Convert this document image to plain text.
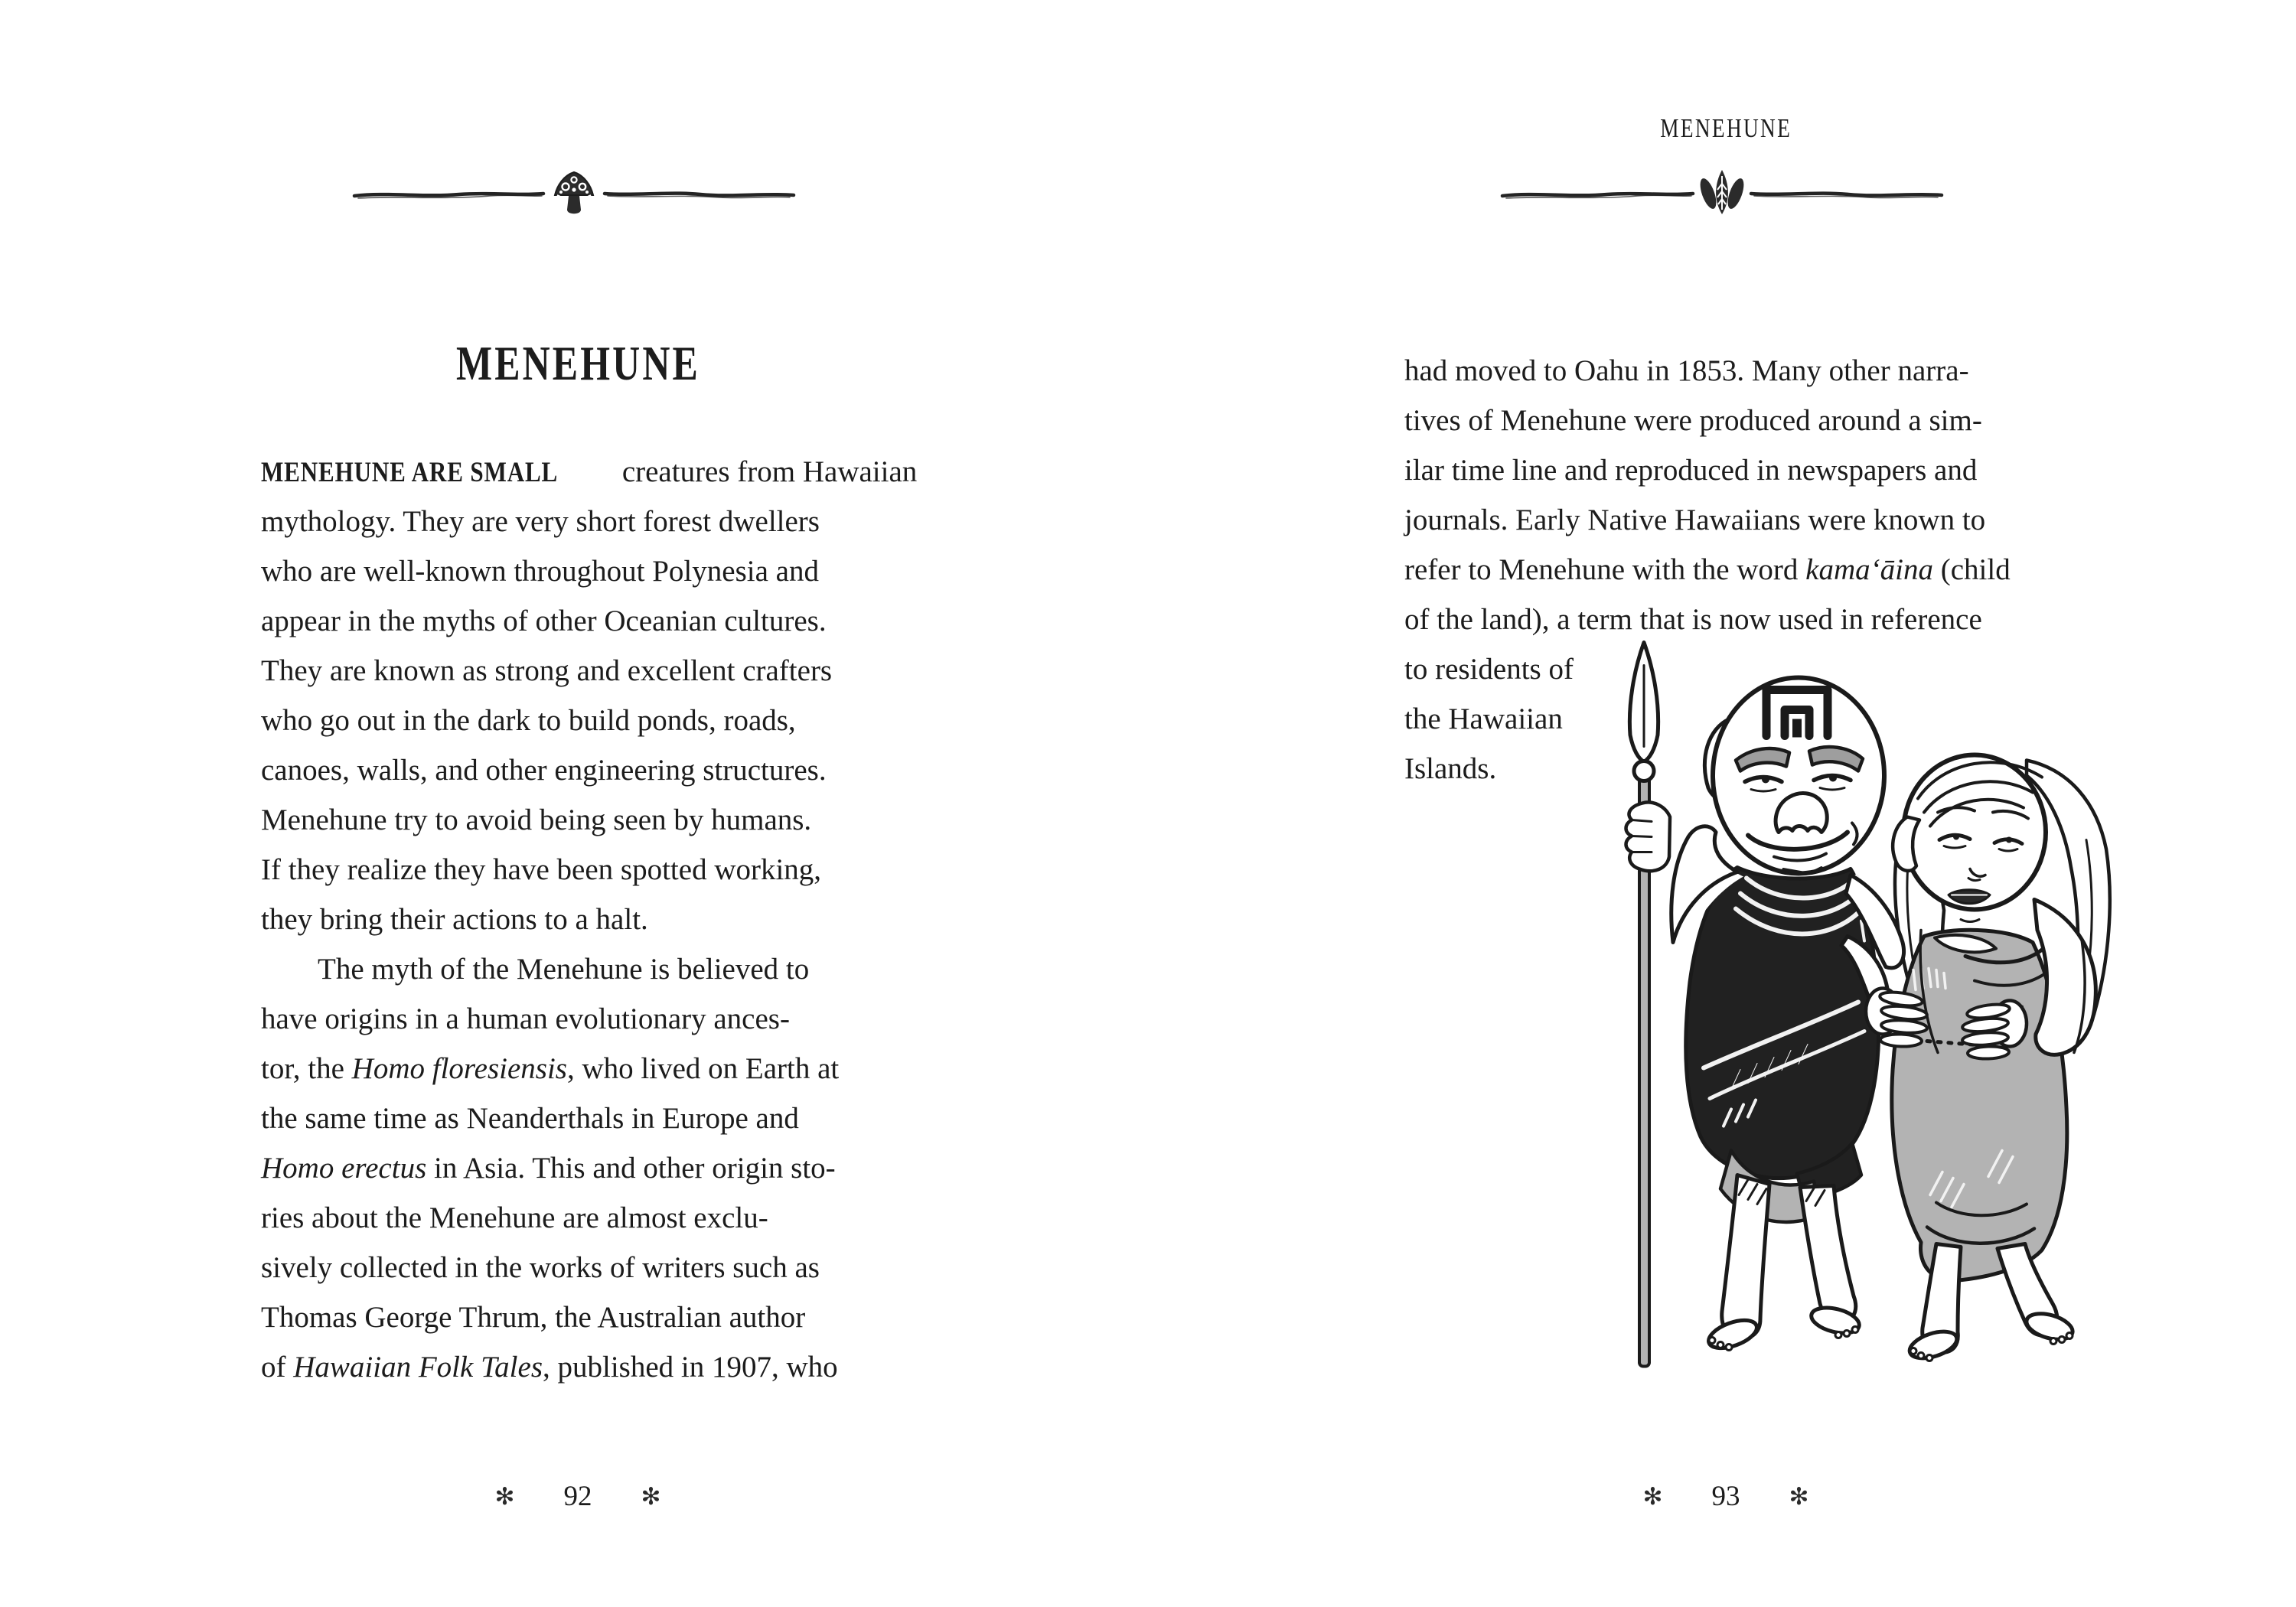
MENEHUNE
MENEHUNE ARE SMALL creatures from Hawaiian
mythology. They are very short forest dwellers
who are well-known throughout Polynesia and
appear in the myths of other Oceanian cultures.
They are known as strong and excellent crafters
who go out in the dark to build ponds, roads,
canoes, walls, and other engineering structures.
Menehune try to avoid being seen by humans.
If they realize they have been spotted working,
they bring their actions to a halt.
The myth of the Menehune is believed to
have origins in a human evolutionary ances-
tor, the Homo floresiensis, who lived on Earth at
the same time as Neanderthals in Europe and
Homo erectus in Asia. This and other origin sto-
ries about the Menehune are almost exclu-
sively collected in the works of writers such as
Thomas George Thrum, the Australian author
of Hawaiian Folk Tales, published in 1907, who
✻ 92 ✻
MENEHUNE
had moved to Oahu in 1853. Many other narra-
tives of Menehune were produced around a sim-
ilar time line and reproduced in newspapers and
journals. Early Native Hawaiians were known to
refer to Menehune with the word kamaʻāina (child
of the land), a term that is now used in reference
to residents of
the Hawaiian
Islands.
✻ 93 ✻
